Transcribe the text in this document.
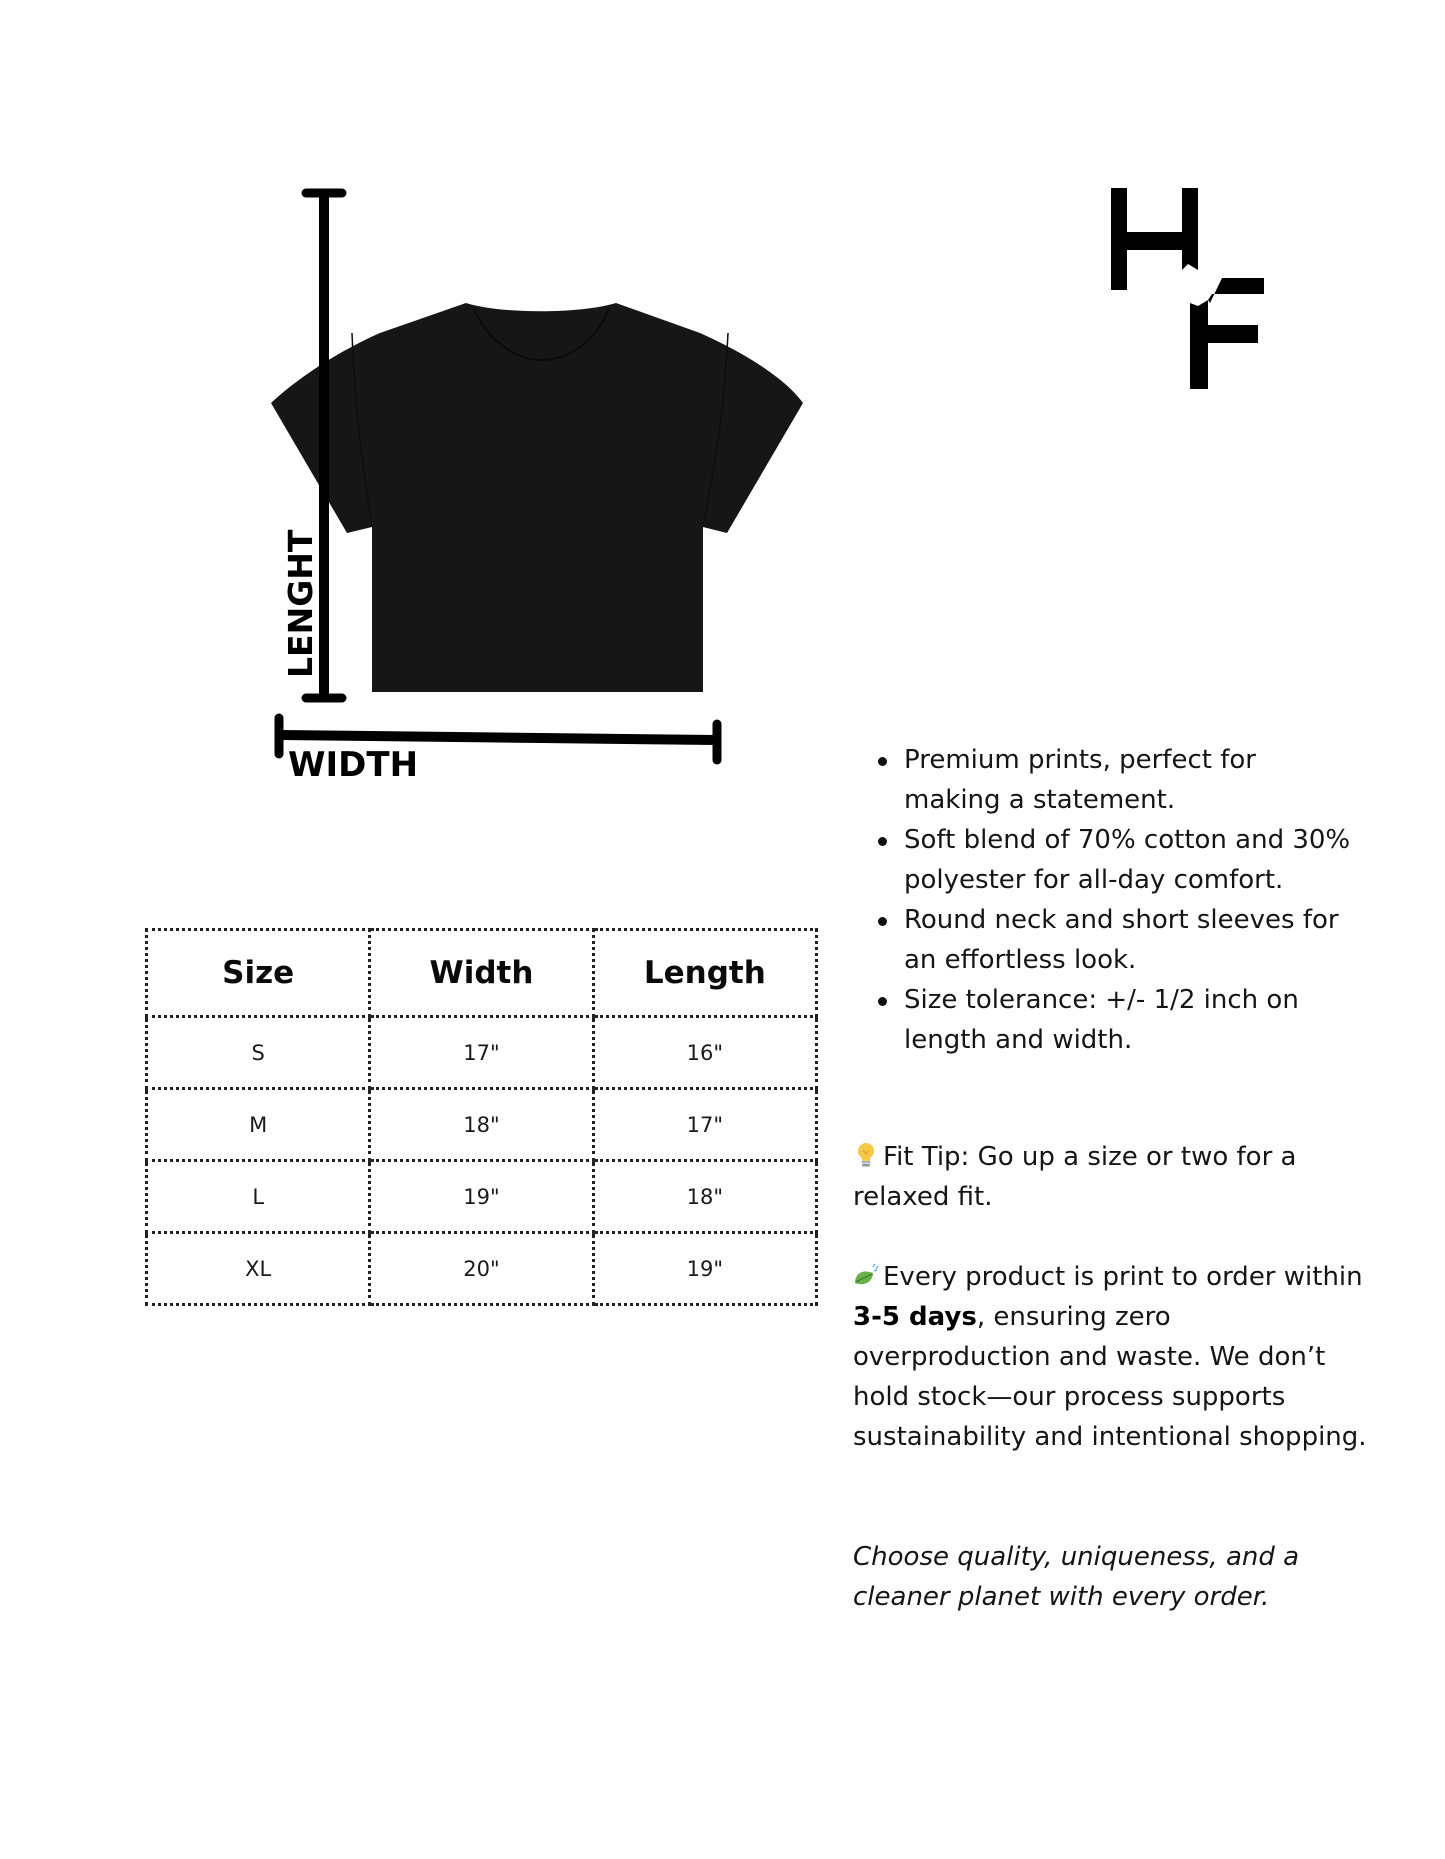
LENGHT
WIDTH
Size	Width	Length
S	17"	16"
M	18"	17"
L	19"	18"
XL	20"	19"
Premium prints, perfect for making a statement.
Soft blend of 70% cotton and 30% polyester for all-day comfort.
Round neck and short sleeves for an effortless look.
Size tolerance: +/- 1/2 inch on length and width.
Fit Tip: Go up a size or two for a relaxed fit.
Every product is print to order within 3-5 days, ensuring zero overproduction and waste. We don’t hold stock—our process supports sustainability and intentional shopping.
Choose quality, uniqueness, and a cleaner planet with every order.
